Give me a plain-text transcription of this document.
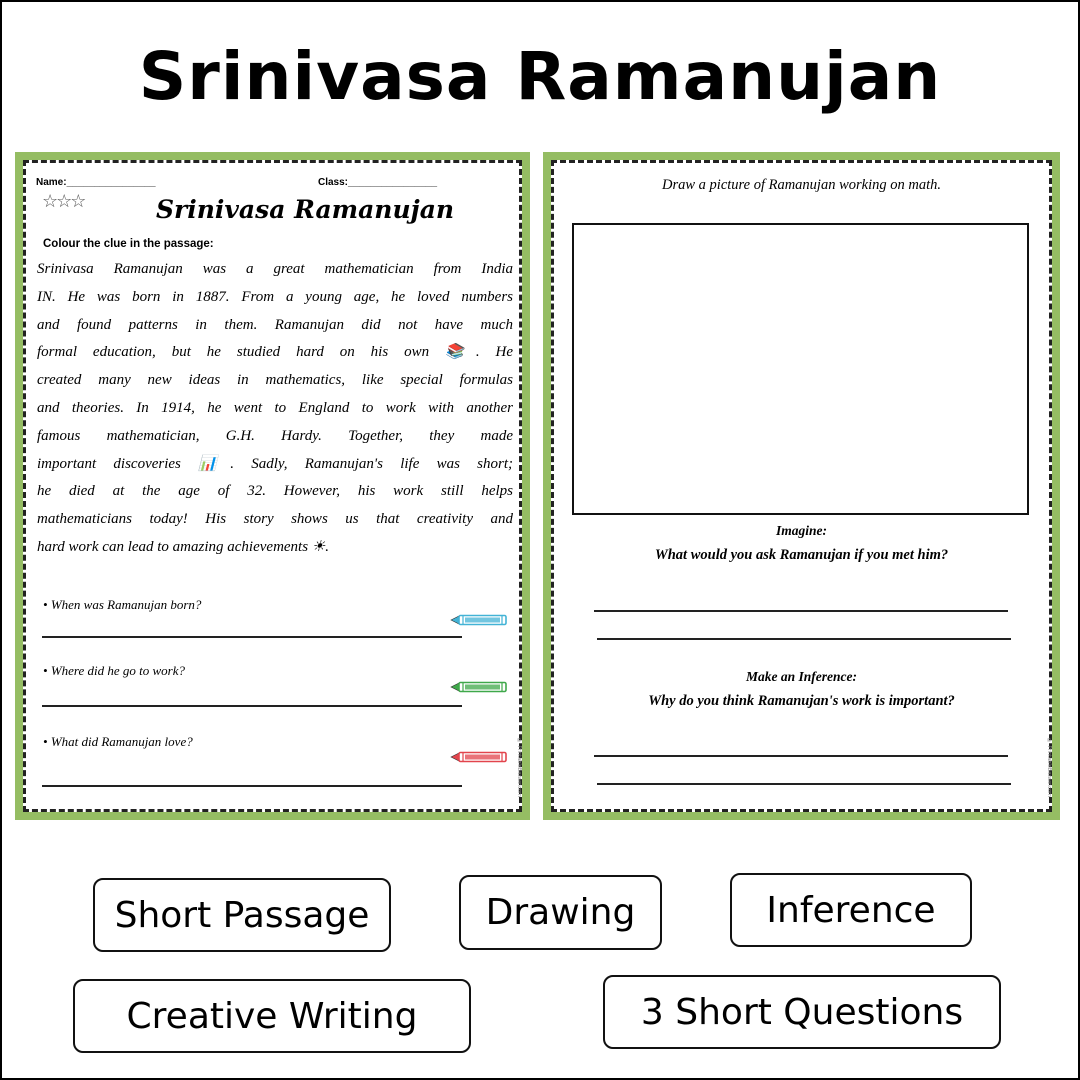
Srinivasa Ramanujan
Name:________________	Class:________________
☆☆☆	Srinivasa Ramanujan
Colour the clue in the passage:
Srinivasa Ramanujan was a great mathematician from India
IN. He was born in 1887. From a young age, he loved numbers
and found patterns in them. Ramanujan did not have much
formal education, but he studied hard on his own 📚. He
created many new ideas in mathematics, like special formulas
and theories. In 1914, he went to England to work with another
famous mathematician, G.H. Hardy. Together, they made
important discoveries 📊. Sadly, Ramanujan's life was short;
he died at the age of 32. However, his work still helps
mathematicians today! His story shows us that creativity and
hard work can lead to amazing achievements ☀.
• When was Ramanujan born?
• Where did he go to work?
• What did Ramanujan love?	© PrintableBazaar.com
Draw a picture of Ramanujan working on math.
Imagine:
What would you ask Ramanujan if you met him?
Make an Inference:
Why do you think Ramanujan's work is important?
© PrintableBazaar.com
Short Passage	Drawing	Inference
Creative Writing	3 Short Questions
